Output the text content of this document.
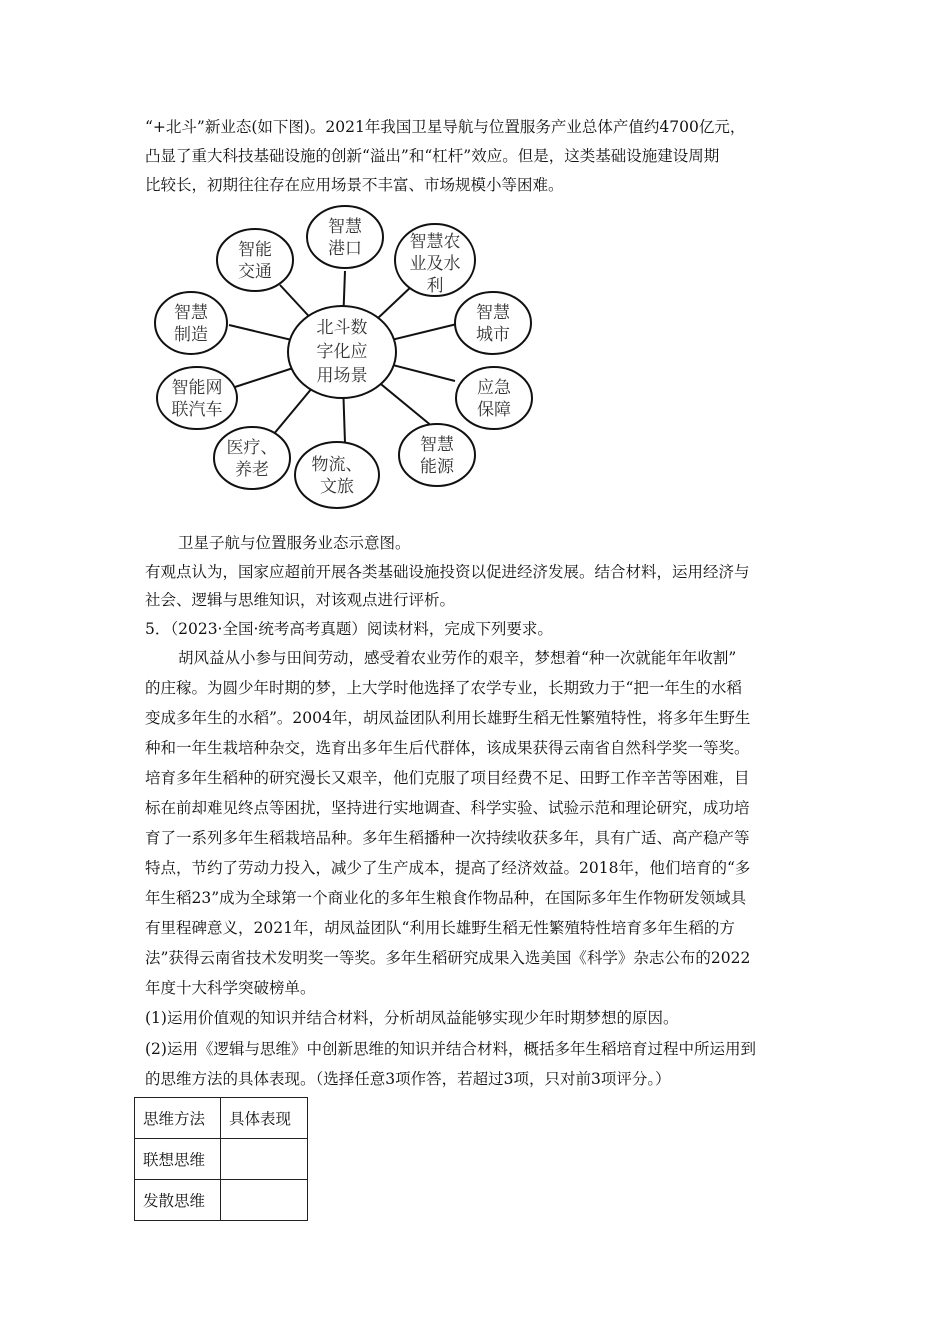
“+北斗”新业态(如下图)。2021年我国卫星导航与位置服务产业总体产值约4700亿元，
凸显了重大科技基础设施的创新“溢出”和“杠杆”效应。但是，这类基础设施建设周期
比较长，初期往往存在应用场景不丰富、市场规模小等困难。
北斗数
字化应
用场景
智慧
港口	智慧农
业及水
利
智慧
城市
应急
保障
智慧
能源
物流、
文旅
医疗、
养老
智能网
联汽车
智慧
制造
智能
交通
卫星子航与位置服务业态示意图。
有观点认为，国家应超前开展各类基础设施投资以促进经济发展。结合材料，运用经济与
社会、逻辑与思维知识，对该观点进行评析。
5．（2023·全国·统考高考真题）阅读材料，完成下列要求。
胡风益从小参与田间劳动，感受着农业劳作的艰辛，梦想着“种一次就能年年收割”
的庄稼。为圆少年时期的梦，上大学时他选择了农学专业，长期致力于“把一年生的水稻
变成多年生的水稻”。2004年，胡凤益团队利用长雄野生稻无性繁殖特性，将多年生野生
种和一年生栽培种杂交，选育出多年生后代群体，该成果获得云南省自然科学奖一等奖。
培育多年生稻种的研究漫长又艰辛，他们克服了项目经费不足、田野工作辛苦等困难，目
标在前却难见终点等困扰，坚持进行实地调查、科学实验、试验示范和理论研究，成功培
育了一系列多年生稻栽培品种。多年生稻播种一次持续收获多年，具有广适、高产稳产等
特点，节约了劳动力投入，减少了生产成本，提高了经济效益。2018年，他们培育的“多
年生稻23”成为全球第一个商业化的多年生粮食作物品种，在国际多年生作物研发领域具
有里程碑意义，2021年，胡凤益团队“利用长雄野生稻无性繁殖特性培育多年生稻的方
法”获得云南省技术发明奖一等奖。多年生稻研究成果入选美国《科学》杂志公布的2022
年度十大科学突破榜单。
(1)运用价值观的知识并结合材料，分析胡凤益能够实现少年时期梦想的原因。
(2)运用《逻辑与思维》中创新思维的知识并结合材料，概括多年生稻培育过程中所运用到
的思维方法的具体表现。（选择任意3项作答，若超过3项，只对前3项评分。）
思维方法	具体表现
联想思维	
发散思维	
